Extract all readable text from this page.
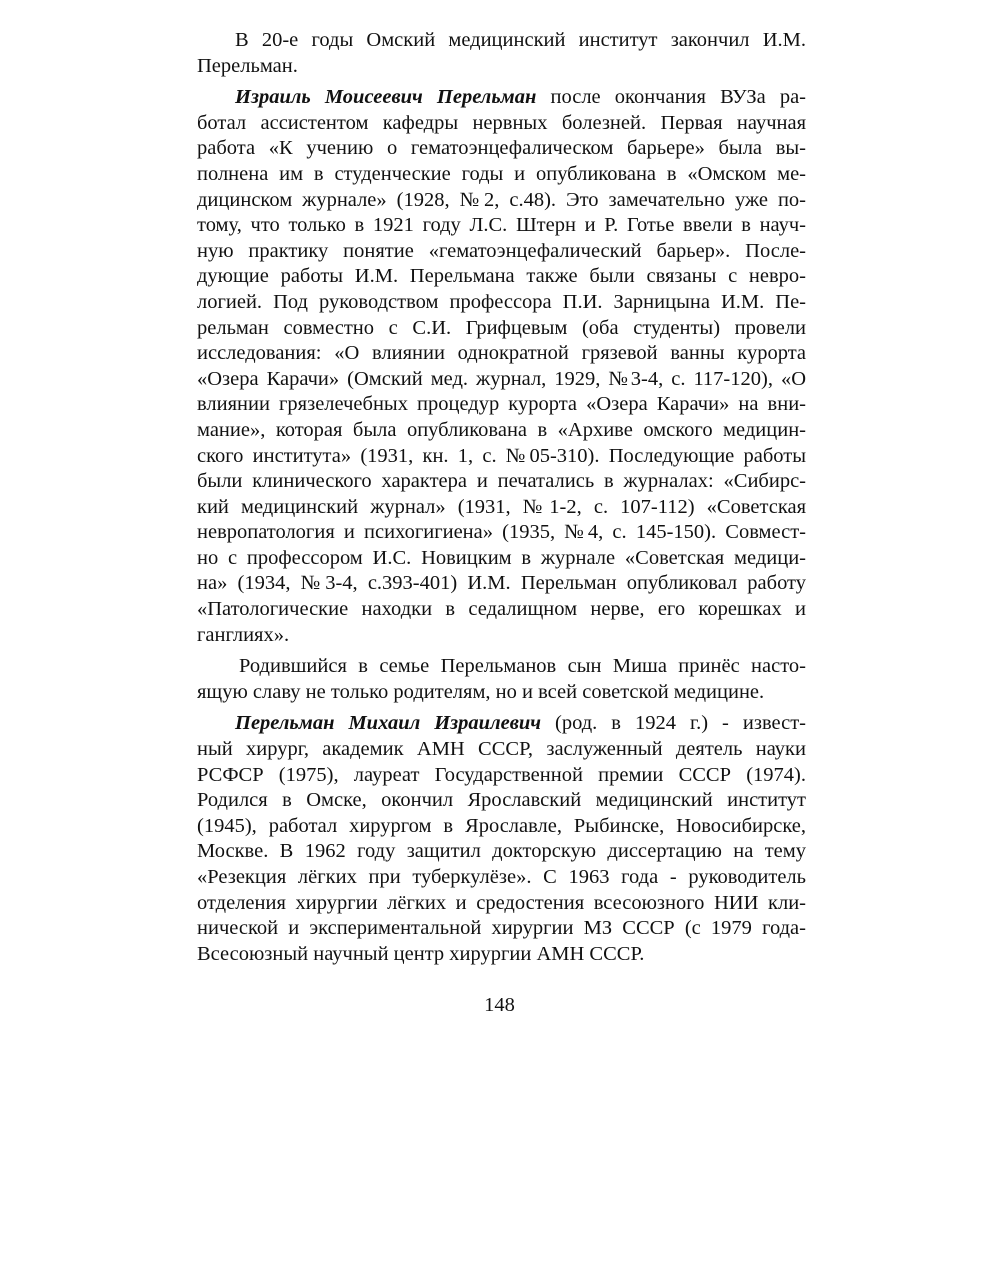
В 20-е годы Омский медицинский институт закончил И.М.
Перельман.
Израиль Моисеевич Перельман после окончания ВУЗа ра-
ботал ассистентом кафедры нервных болезней. Первая научная
работа «К учению о гематоэнцефалическом барьере» была вы-
полнена им в студенческие годы и опубликована в «Омском ме-
дицинском журнале» (1928, №2, с.48). Это замечательно уже по-
тому, что только в 1921 году Л.С. Штерн и Р. Готье ввели в науч-
ную практику понятие «гематоэнцефалический барьер». После-
дующие работы И.М. Перельмана также были связаны с невро-
логией. Под руководством профессора П.И. Зарницына И.М. Пе-
рельман совместно с С.И. Грифцевым (оба студенты) провели
исследования: «О влиянии однократной грязевой ванны курорта
«Озера Карачи» (Омский мед. журнал, 1929, №3-4, с. 117-120), «О
влиянии грязелечебных процедур курорта «Озера Карачи» на вни-
мание», которая была опубликована в «Архиве омского медицин-
ского института» (1931, кн. 1, с. №05-310). Последующие работы
были клинического характера и печатались в журналах: «Сибирс-
кий медицинский журнал» (1931, №1-2, с. 107-112) «Советская
невропатология и психогигиена» (1935, №4, с. 145-150). Совмест-
но с профессором И.С. Новицким в журнале «Советская медици-
на» (1934, №3-4, с.393-401) И.М. Перельман опубликовал работу
«Патологические находки в седалищном нерве, его корешках и
ганглиях».
Родившийся в семье Перельманов сын Миша принёс насто-
ящую славу не только родителям, но и всей советской медицине.
Перельман Михаил Израилевич (род. в 1924 г.) - извест-
ный хирург, академик АМН СССР, заслуженный деятель науки
РСФСР (1975), лауреат Государственной премии СССР (1974).
Родился в Омске, окончил Ярославский медицинский институт
(1945), работал хирургом в Ярославле, Рыбинске, Новосибирске,
Москве. В 1962 году защитил докторскую диссертацию на тему
«Резекция лёгких при туберкулёзе». С 1963 года - руководитель
отделения хирургии лёгких и средостения всесоюзного НИИ кли-
нической и экспериментальной хирургии МЗ СССР (с 1979 года-
Всесоюзный научный центр хирургии АМН СССР.
148
